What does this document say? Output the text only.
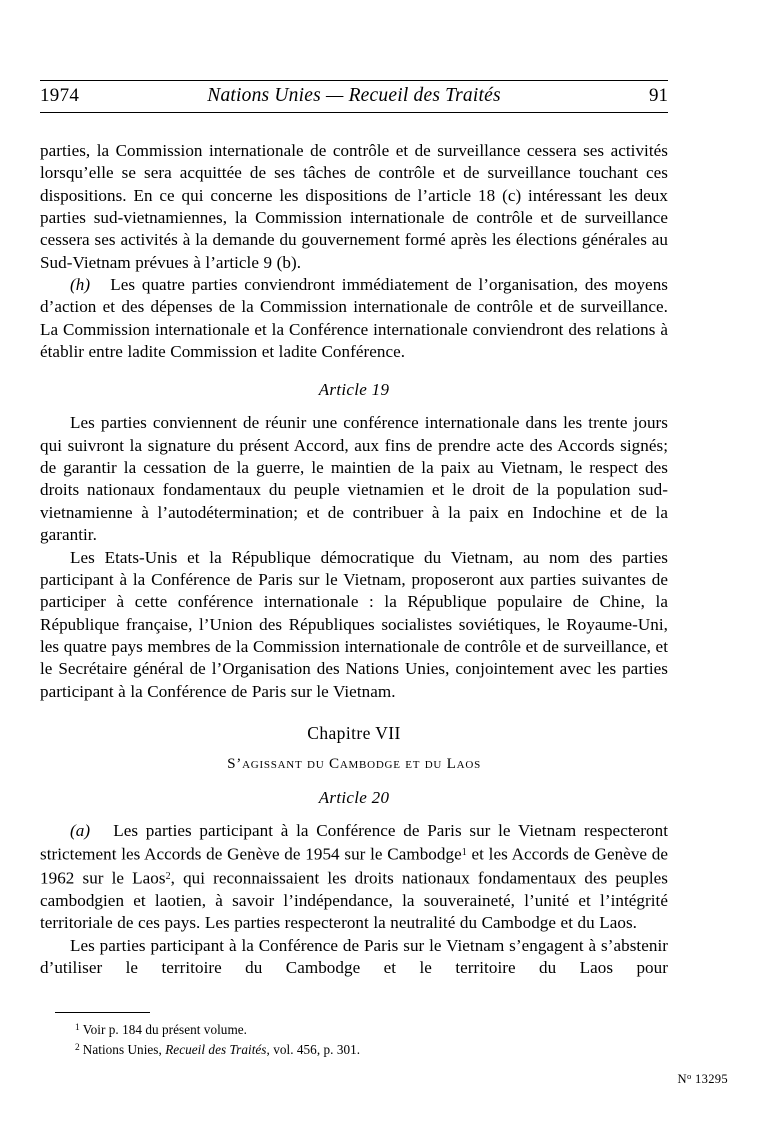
1974	Nations Unies — Recueil des Traités	91

parties, la Commission internationale de contrôle et de surveillance cessera ses activités lorsqu’elle se sera acquittée de ses tâches de contrôle et de surveillance touchant ces dispositions. En ce qui concerne les dispositions de l’article 18 (c) intéressant les deux parties sud-vietnamiennes, la Commission internationale de contrôle et de surveillance cessera ses activités à la demande du gouvernement formé après les élections générales au Sud-Vietnam prévues à l’article 9 (b).

(h) Les quatre parties conviendront immédiatement de l’organisation, des moyens d’action et des dépenses de la Commission internationale de contrôle et de surveillance. La Commission internationale et la Conférence internationale conviendront des relations à établir entre ladite Commission et ladite Conférence.

Article 19

Les parties conviennent de réunir une conférence internationale dans les trente jours qui suivront la signature du présent Accord, aux fins de prendre acte des Accords signés; de garantir la cessation de la guerre, le maintien de la paix au Vietnam, le respect des droits nationaux fondamentaux du peuple vietnamien et le droit de la population sud-vietnamienne à l’autodétermination; et de contribuer à la paix en Indochine et de la garantir.

Les Etats-Unis et la République démocratique du Vietnam, au nom des parties participant à la Conférence de Paris sur le Vietnam, proposeront aux parties suivantes de participer à cette conférence internationale : la République populaire de Chine, la République française, l’Union des Républiques socialistes soviétiques, le Royaume-Uni, les quatre pays membres de la Commission internationale de contrôle et de surveillance, et le Secrétaire général de l’Organisation des Nations Unies, conjointement avec les parties participant à la Conférence de Paris sur le Vietnam.

Chapitre VII
S’agissant du Cambodge et du Laos
Article 20

(a) Les parties participant à la Conférence de Paris sur le Vietnam respecteront strictement les Accords de Genève de 1954 sur le Cambodge$^1$ et les Accords de Genève de 1962 sur le Laos$^2$, qui reconnaissaient les droits nationaux fondamentaux des peuples cambodgien et laotien, à savoir l’indépendance, la souveraineté, l’unité et l’intégrité territoriale de ces pays. Les parties respecteront la neutralité du Cambodge et du Laos.

Les parties participant à la Conférence de Paris sur le Vietnam s’engagent à s’abstenir d’utiliser le territoire du Cambodge et le territoire du Laos pour

$^1$ Voir p. 184 du présent volume.

$^2$ Nations Unies, Recueil des Traités, vol. 456, p. 301.

$N^o$ 13295
